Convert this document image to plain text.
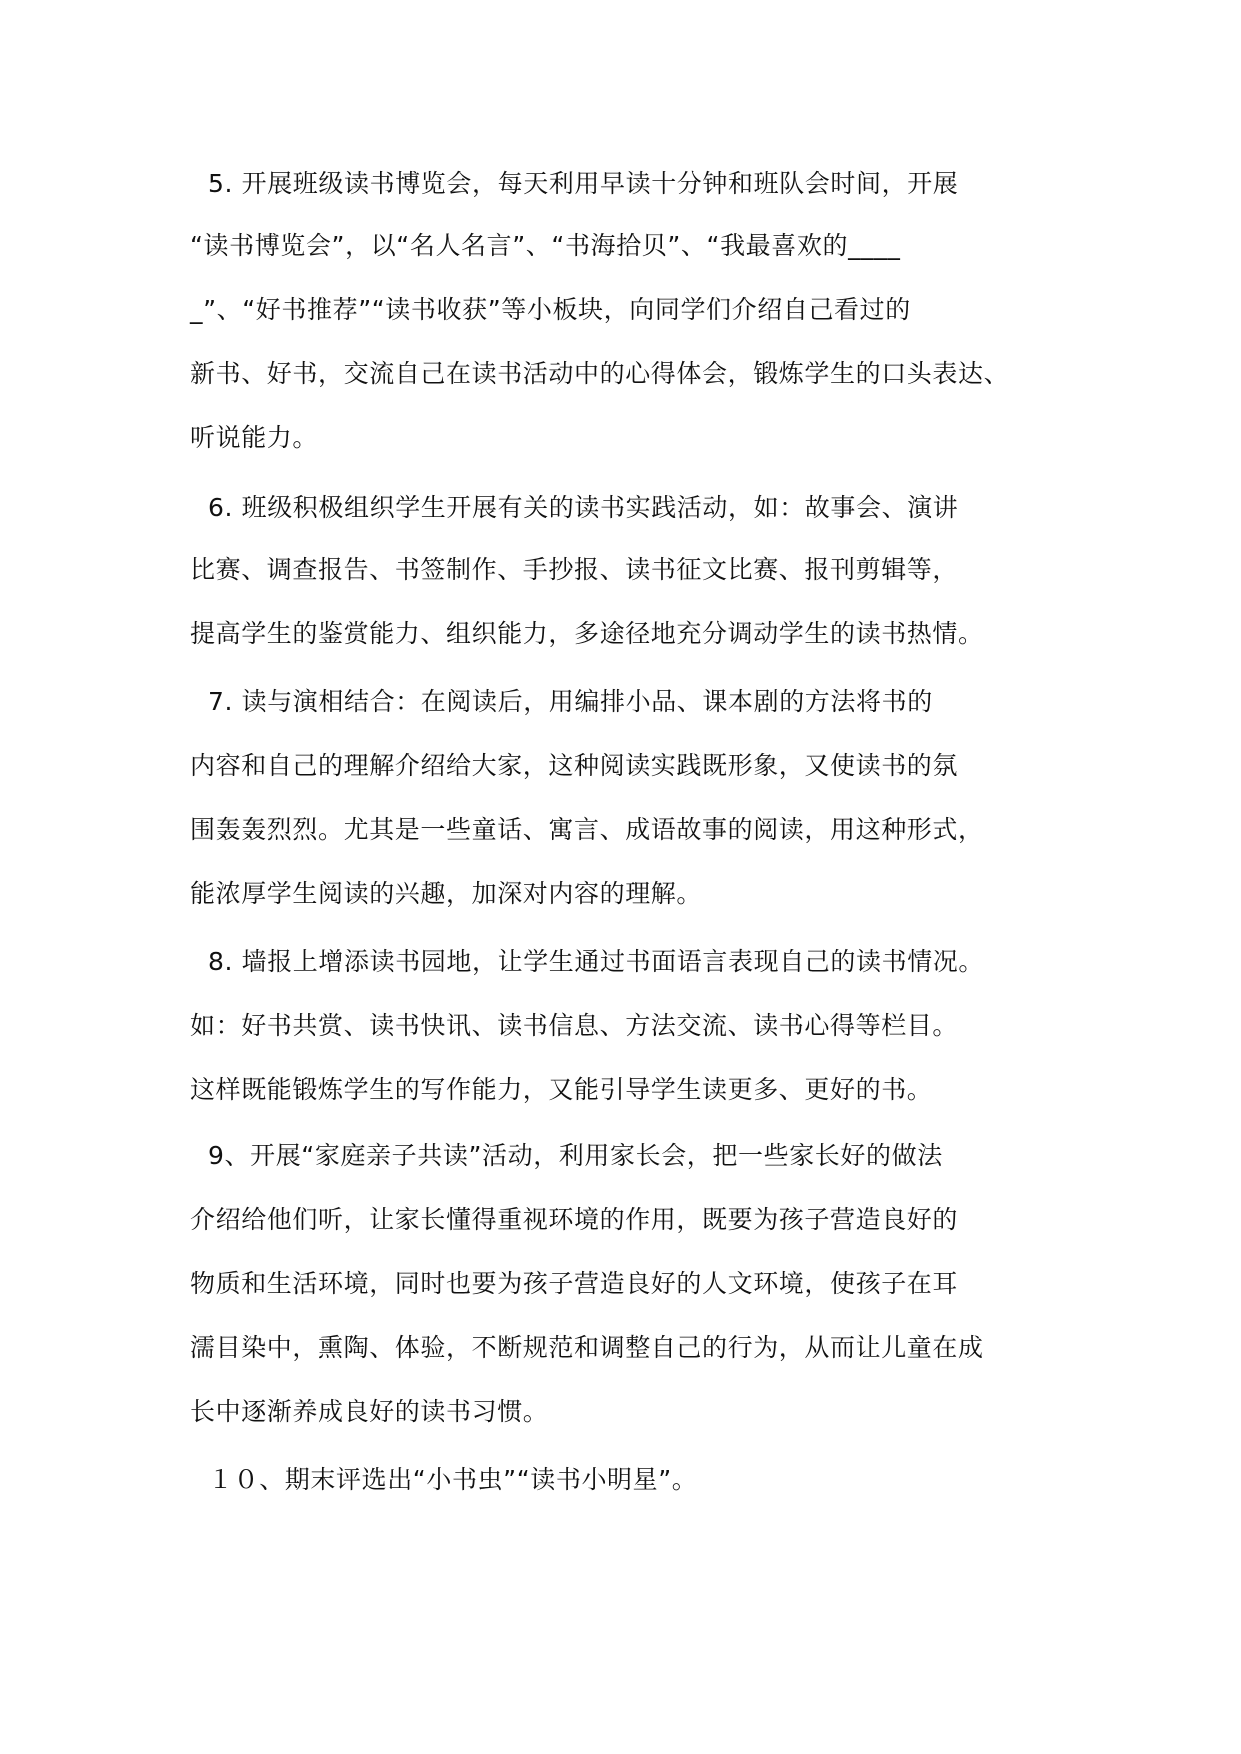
5. 开展班级读书博览会，每天利用早读十分钟和班队会时间，开展
“读书博览会”，以“名人名言”、“书海拾贝”、“我最喜欢的____
_”、“好书推荐”“读书收获”等小板块，向同学们介绍自己看过的
新书、好书，交流自己在读书活动中的心得体会，锻炼学生的口头表达、
听说能力。
6. 班级积极组织学生开展有关的读书实践活动，如：故事会、演讲
比赛、调查报告、书签制作、手抄报、读书征文比赛、报刊剪辑等，
提高学生的鉴赏能力、组织能力，多途径地充分调动学生的读书热情。
7. 读与演相结合：在阅读后，用编排小品、课本剧的方法将书的
内容和自己的理解介绍给大家，这种阅读实践既形象，又使读书的氛
围轰轰烈烈。尤其是一些童话、寓言、成语故事的阅读，用这种形式，
能浓厚学生阅读的兴趣，加深对内容的理解。
8. 墙报上增添读书园地，让学生通过书面语言表现自己的读书情况。
如：好书共赏、读书快讯、读书信息、方法交流、读书心得等栏目。
这样既能锻炼学生的写作能力，又能引导学生读更多、更好的书。
9、开展“家庭亲子共读”活动，利用家长会，把一些家长好的做法
介绍给他们听，让家长懂得重视环境的作用，既要为孩子营造良好的
物质和生活环境，同时也要为孩子营造良好的人文环境，使孩子在耳
濡目染中，熏陶、体验，不断规范和调整自己的行为，从而让儿童在成
长中逐渐养成良好的读书习惯。
１０、期末评选出“小书虫”“读书小明星”。
